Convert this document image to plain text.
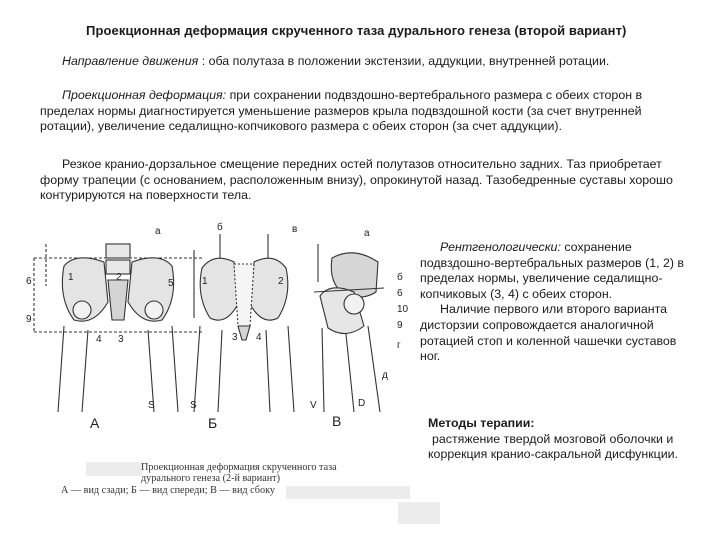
Проекционная деформация скрученного таза дурального генеза (второй вариант)

Направление движения : оба полутаза в положении экстензии, аддукции, внутренней ротации.

Проекционная деформация: при сохранении подвздошно-вертебрального размера с обеих сторон в пределах нормы диагностируется уменьшение размеров крыла подвздошной кости (за счет внутренней ротации), увеличение седалищно-копчикового размера с обеих сторон (за счет аддукции).

Резкое кранио-дорзальное смещение передних остей полутазов относительно задних. Таз приобретает форму трапеции (с основанием, расположенным внизу), опрокинутой назад. Тазобедренные суставы хорошо контурируются на поверхности тела.

а	б	в	а
6
9
1	2
5
4 3	3 4
1	2	б
6
10
9
г
д
S	S	V	D
А	Б	В

Рентгенологически: сохранение подвздошно-вертебральных размеров (1, 2) в пределах нормы, увеличение седалищно-копчиковых (3, 4) с обеих сторон.

Наличие первого или второго варианта дисторзии сопровождается аналогичной ротацией стоп и коленной чашечки суставов ног.

Методы терапии:
растяжение твердой мозговой оболочки и коррекция кранио-сакральной дисфункции.
Проекционная деформация скрученного таза
дурального генеза (2-й вариант)
А — вид сзади; Б — вид спереди; В — вид сбоку
